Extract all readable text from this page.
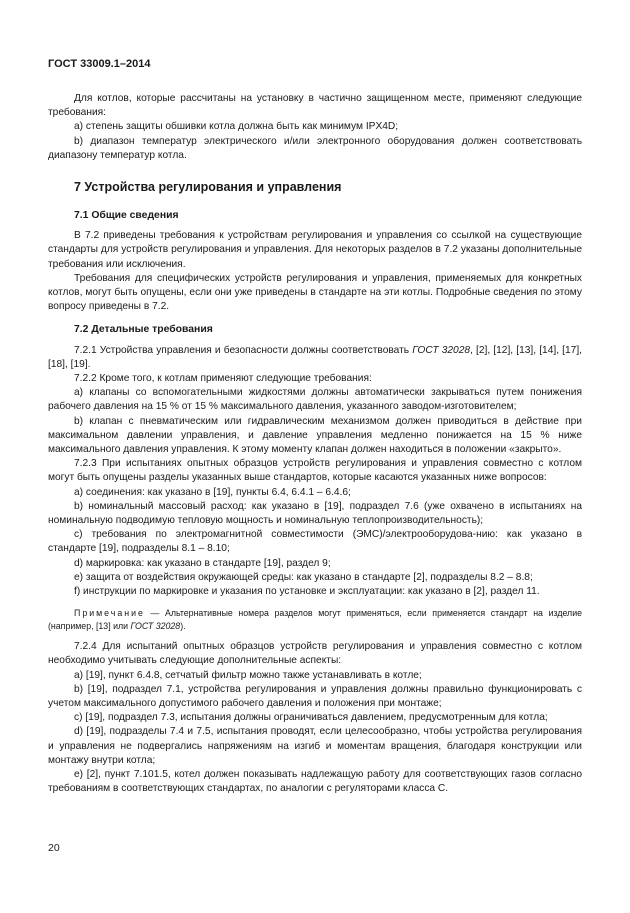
ГОСТ 33009.1–2014

Для котлов, которые рассчитаны на установку в частично защищенном месте, применяют следующие требования:

a) степень защиты обшивки котла должна быть как минимум IPX4D;

b) диапазон температур электрического и/или электронного оборудования должен соответствовать диапазону температур котла.

7 Устройства регулирования и управления
7.1 Общие сведения

В 7.2 приведены требования к устройствам регулирования и управления со ссылкой на существующие стандарты для устройств регулирования и управления. Для некоторых разделов в 7.2 указаны дополнительные требования или исключения.

Требования для специфических устройств регулирования и управления, применяемых для конкретных котлов, могут быть опущены, если они уже приведены в стандарте на эти котлы. Подробные сведения по этому вопросу приведены в 7.2.

7.2 Детальные требования

7.2.1 Устройства управления и безопасности должны соответствовать ГОСТ 32028, [2], [12], [13], [14], [17], [18], [19].

7.2.2 Кроме того, к котлам применяют следующие требования:

a) клапаны со вспомогательными жидкостями должны автоматически закрываться путем понижения рабочего давления на 15 % от 15 % максимального давления, указанного заводом-изготовителем;

b) клапан с пневматическим или гидравлическим механизмом должен приводиться в действие при максимальном давлении управления, и давление управления медленно понижается на 15 % ниже максимального давления управления. К этому моменту клапан должен находиться в положении «закрыто».

7.2.3 При испытаниях опытных образцов устройств регулирования и управления совместно с котлом могут быть опущены разделы указанных выше стандартов, которые касаются указанных ниже вопросов:

a) соединения: как указано в [19], пункты 6.4, 6.4.1 – 6.4.6;

b) номинальный массовый расход: как указано в [19], подраздел 7.6 (уже охвачено в испытаниях на номинальную подводимую тепловую мощность и номинальную теплопроизводительность);

c) требования по электромагнитной совместимости (ЭМС)/электрооборудова-нию: как указано в стандарте [19], подразделы 8.1 – 8.10;

d) маркировка: как указано в стандарте [19], раздел 9;

e) защита от воздействия окружающей среды: как указано в стандарте [2], подразделы 8.2 – 8.8;

f) инструкции по маркировке и указания по установке и эксплуатации: как указано в [2], раздел 11.

Примечание — Альтернативные номера разделов могут применяться, если применяется стандарт на изделие (например, [13] или ГОСТ 32028).

7.2.4 Для испытаний опытных образцов устройств регулирования и управления совместно с котлом необходимо учитывать следующие дополнительные аспекты:

a) [19], пункт 6.4.8, сетчатый фильтр можно также устанавливать в котле;

b) [19], подраздел 7.1, устройства регулирования и управления должны правильно функционировать с учетом максимального допустимого рабочего давления и положения при монтаже;

c) [19], подраздел 7.3, испытания должны ограничиваться давлением, предусмотренным для котла;

d) [19], подразделы 7.4 и 7.5, испытания проводят, если целесообразно, чтобы устройства регулирования и управления не подвергались напряжениям на изгиб и моментам вращения, благодаря конструкции или монтажу внутри котла;

e) [2], пункт 7.101.5, котел должен показывать надлежащую работу для соответствующих газов согласно требованиям в соответствующих стандартах, по аналогии с регуляторами класса C.

20
